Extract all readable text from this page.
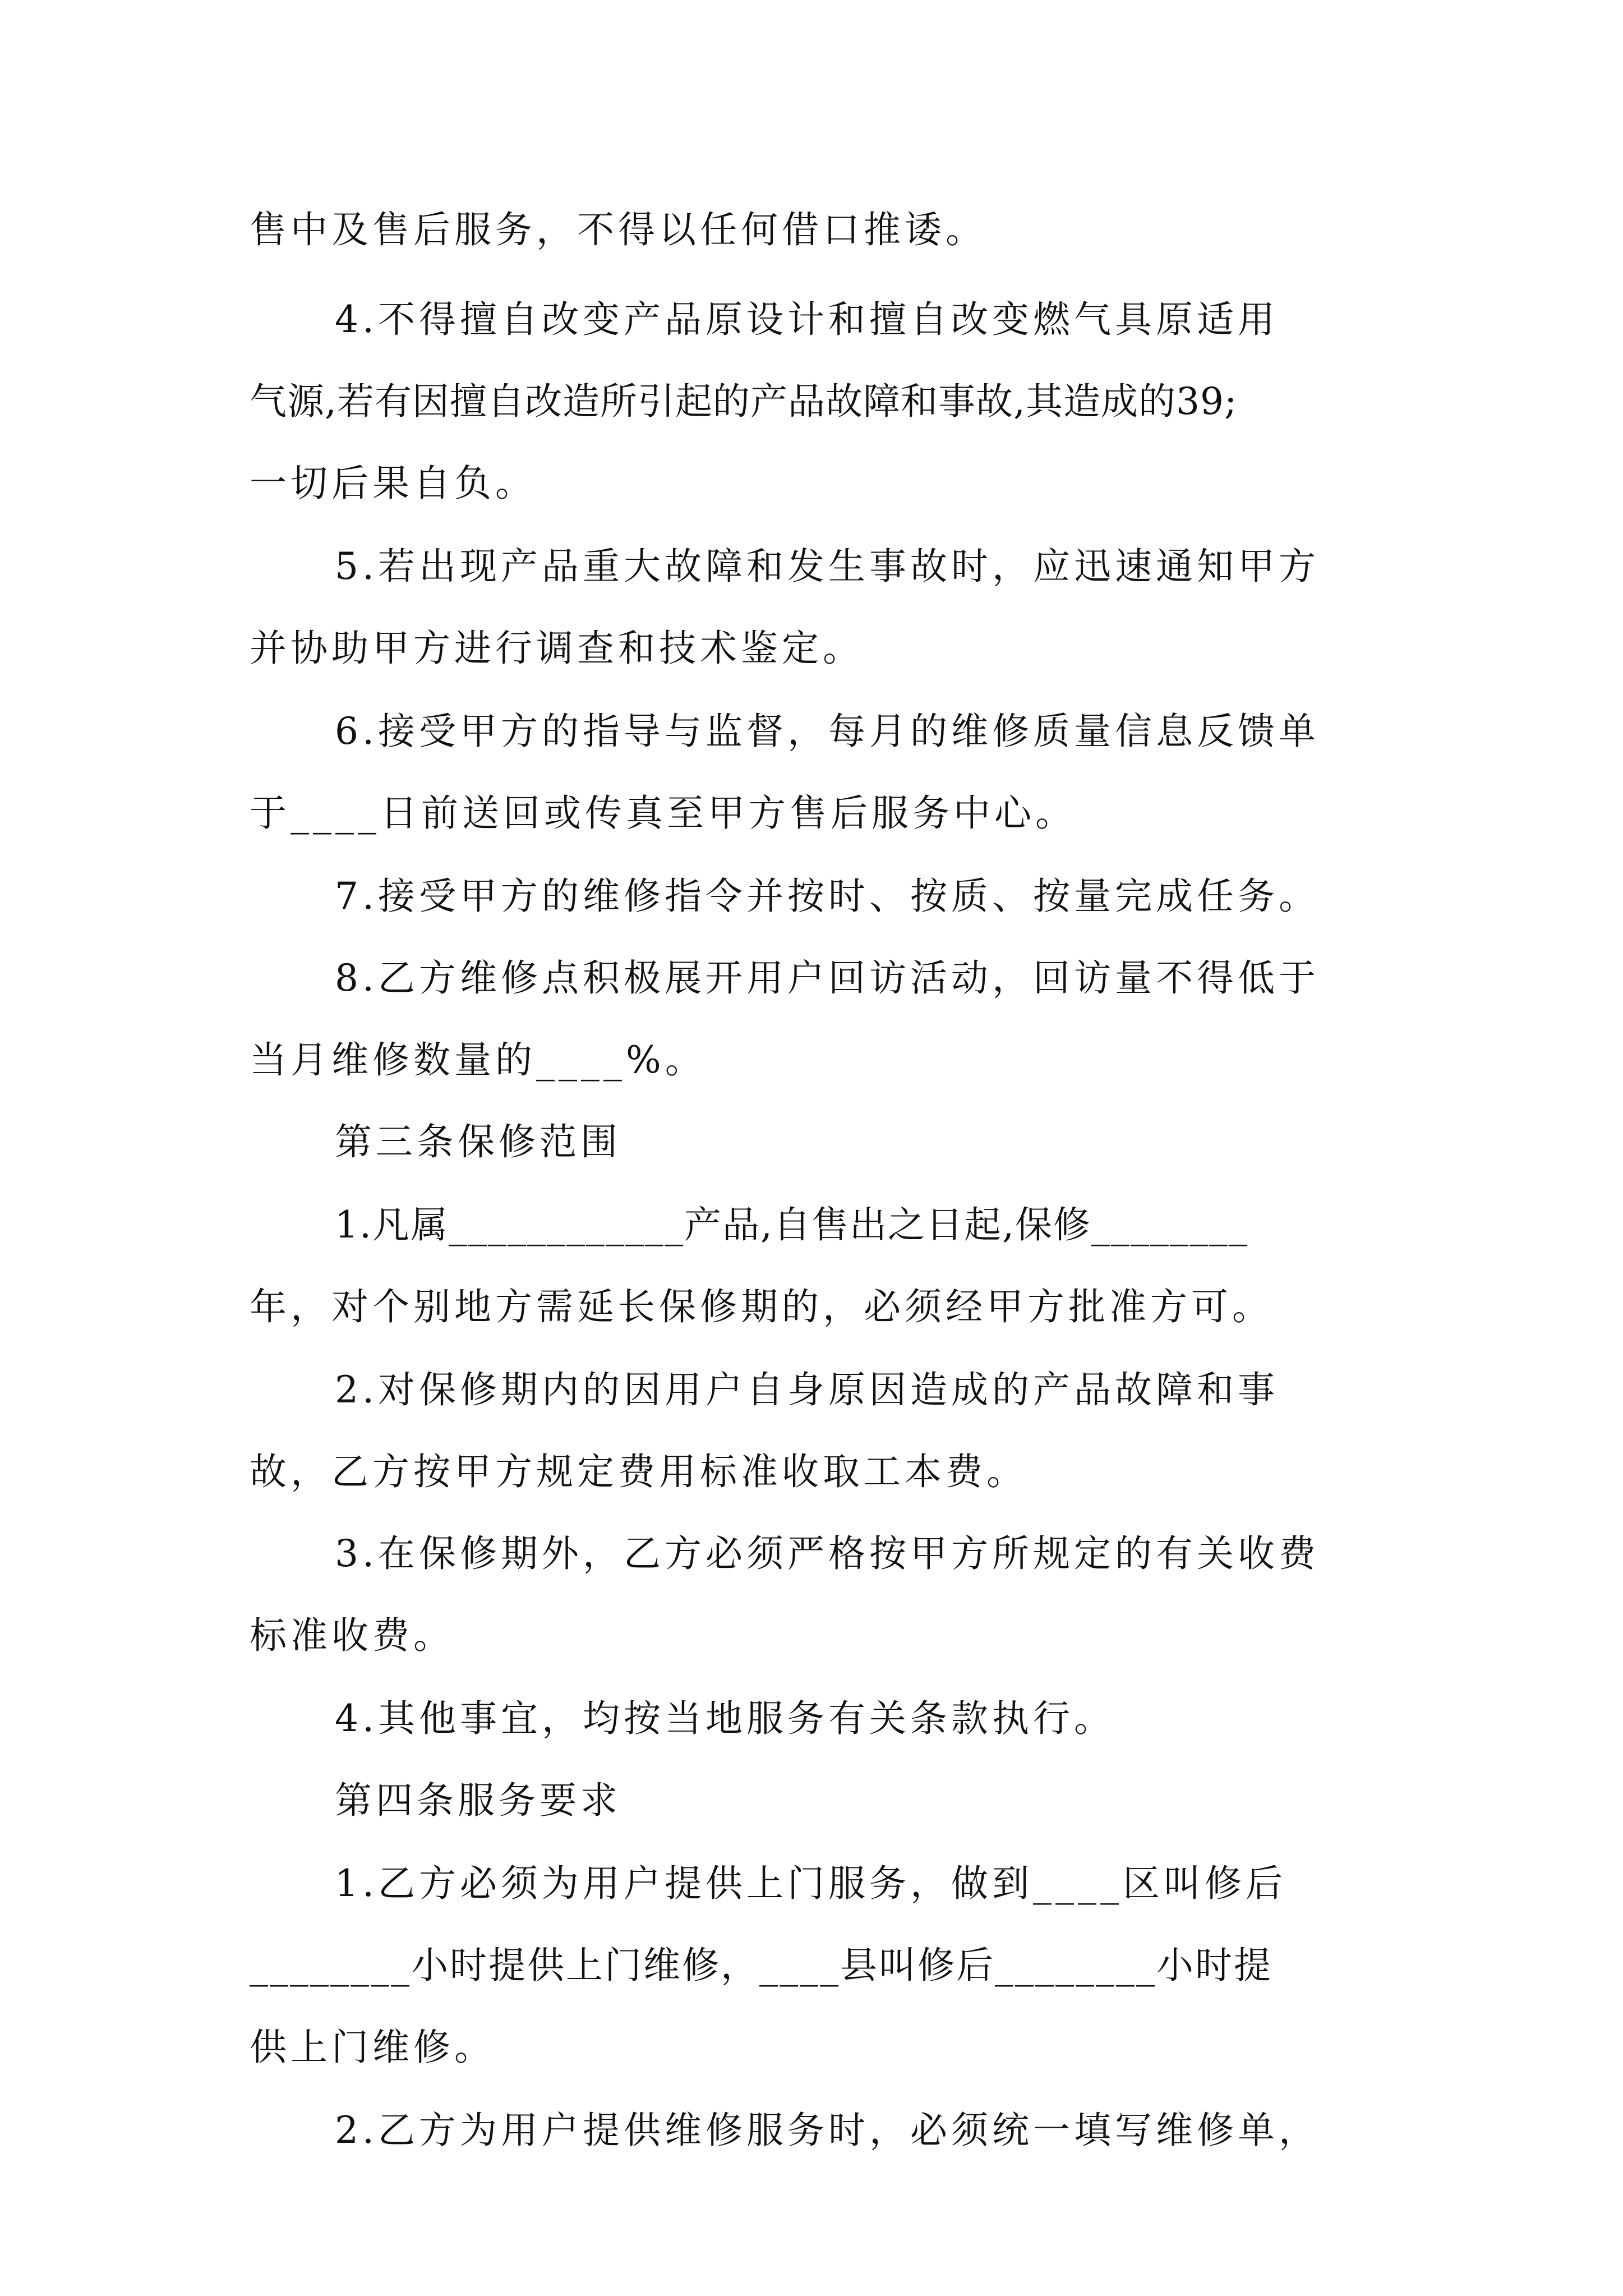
售中及售后服务，不得以任何借口推诿。
4.不得擅自改变产品原设计和擅自改变燃气具原适用
气源,若有因擅自改造所引起的产品故障和事故,其造成的39;
一切后果自负。
5.若出现产品重大故障和发生事故时，应迅速通知甲方
并协助甲方进行调查和技术鉴定。
6.接受甲方的指导与监督，每月的维修质量信息反馈单
于____日前送回或传真至甲方售后服务中心。
7.接受甲方的维修指令并按时、按质、按量完成任务。
8.乙方维修点积极展开用户回访活动，回访量不得低于
当月维修数量的____%。
第三条保修范围
1.凡属____________产品,自售出之日起,保修________
年，对个别地方需延长保修期的，必须经甲方批准方可。
2.对保修期内的因用户自身原因造成的产品故障和事
故，乙方按甲方规定费用标准收取工本费。
3.在保修期外，乙方必须严格按甲方所规定的有关收费
标准收费。
4.其他事宜，均按当地服务有关条款执行。
第四条服务要求
1.乙方必须为用户提供上门服务，做到____区叫修后
________小时提供上门维修，____县叫修后________小时提
供上门维修。
2.乙方为用户提供维修服务时，必须统一填写维修单，
